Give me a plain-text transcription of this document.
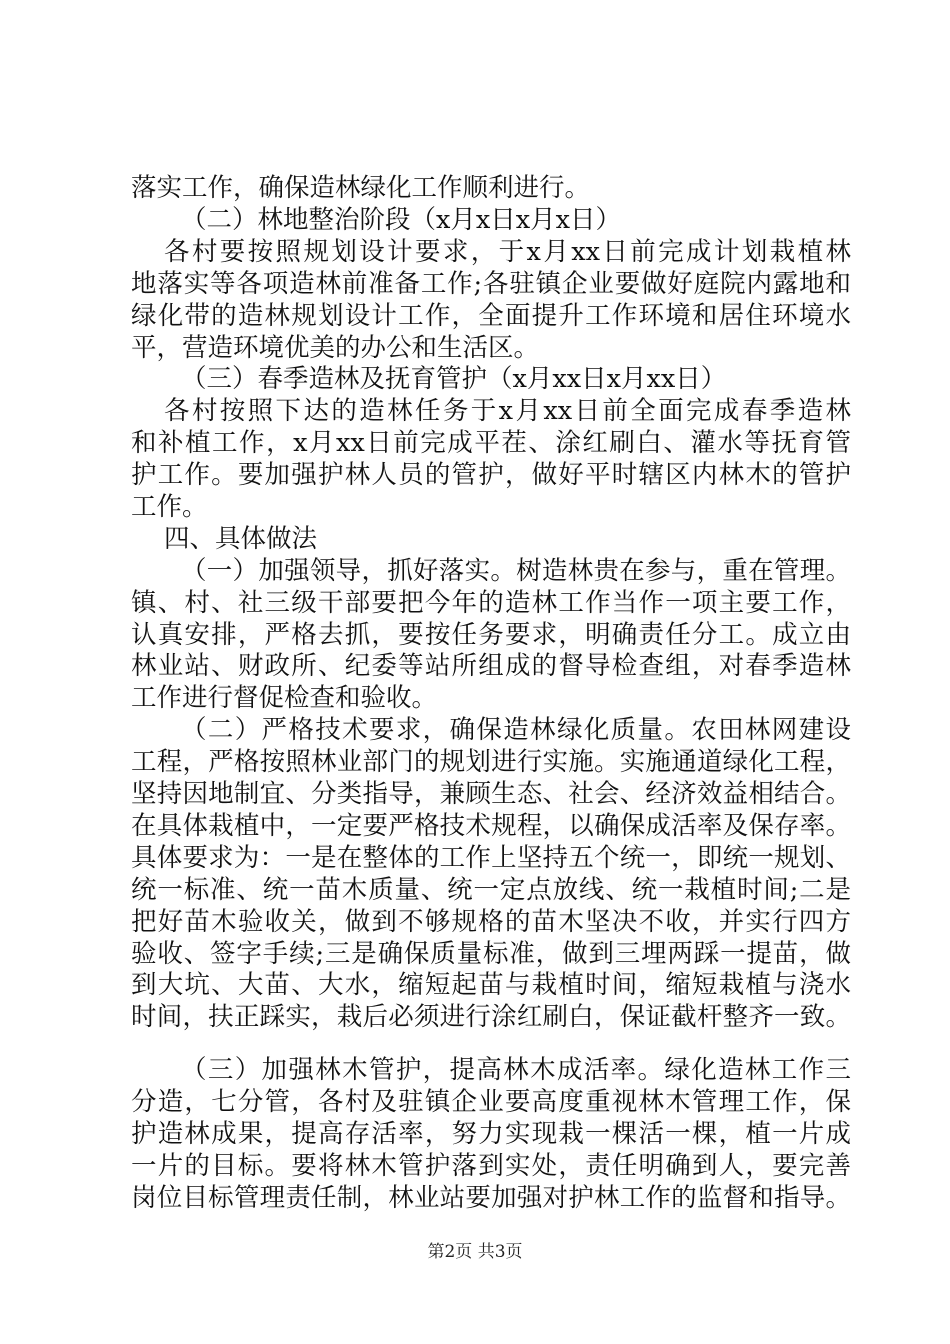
落实工作，确保造林绿化工作顺利进行。
（二）林地整治阶段（x月x日x月x日）
各村要按照规划设计要求，于x月xx日前完成计划栽植林
地落实等各项造林前准备工作;各驻镇企业要做好庭院内露地和
绿化带的造林规划设计工作，全面提升工作环境和居住环境水
平，营造环境优美的办公和生活区。
（三）春季造林及抚育管护（x月xx日x月xx日）
各村按照下达的造林任务于x月xx日前全面完成春季造林
和补植工作，x月xx日前完成平茬、涂红刷白、灌水等抚育管
护工作。要加强护林人员的管护，做好平时辖区内林木的管护
工作。
四、具体做法
（一）加强领导，抓好落实。树造林贵在参与，重在管理。
镇、村、社三级干部要把今年的造林工作当作一项主要工作，
认真安排，严格去抓，要按任务要求，明确责任分工。成立由
林业站、财政所、纪委等站所组成的督导检查组，对春季造林
工作进行督促检查和验收。
（二）严格技术要求，确保造林绿化质量。农田林网建设
工程，严格按照林业部门的规划进行实施。实施通道绿化工程，
坚持因地制宜、分类指导，兼顾生态、社会、经济效益相结合。
在具体栽植中，一定要严格技术规程，以确保成活率及保存率。
具体要求为：一是在整体的工作上坚持五个统一，即统一规划、
统一标准、统一苗木质量、统一定点放线、统一栽植时间;二是
把好苗木验收关，做到不够规格的苗木坚决不收，并实行四方
验收、签字手续;三是确保质量标准，做到三埋两踩一提苗，做
到大坑、大苗、大水，缩短起苗与栽植时间，缩短栽植与浇水
时间，扶正踩实，栽后必须进行涂红刷白，保证截杆整齐一致。
（三）加强林木管护，提高林木成活率。绿化造林工作三
分造，七分管，各村及驻镇企业要高度重视林木管理工作，保
护造林成果，提高存活率，努力实现栽一棵活一棵，植一片成
一片的目标。要将林木管护落到实处，责任明确到人，要完善
岗位目标管理责任制，林业站要加强对护林工作的监督和指导。
第2页 共3页
